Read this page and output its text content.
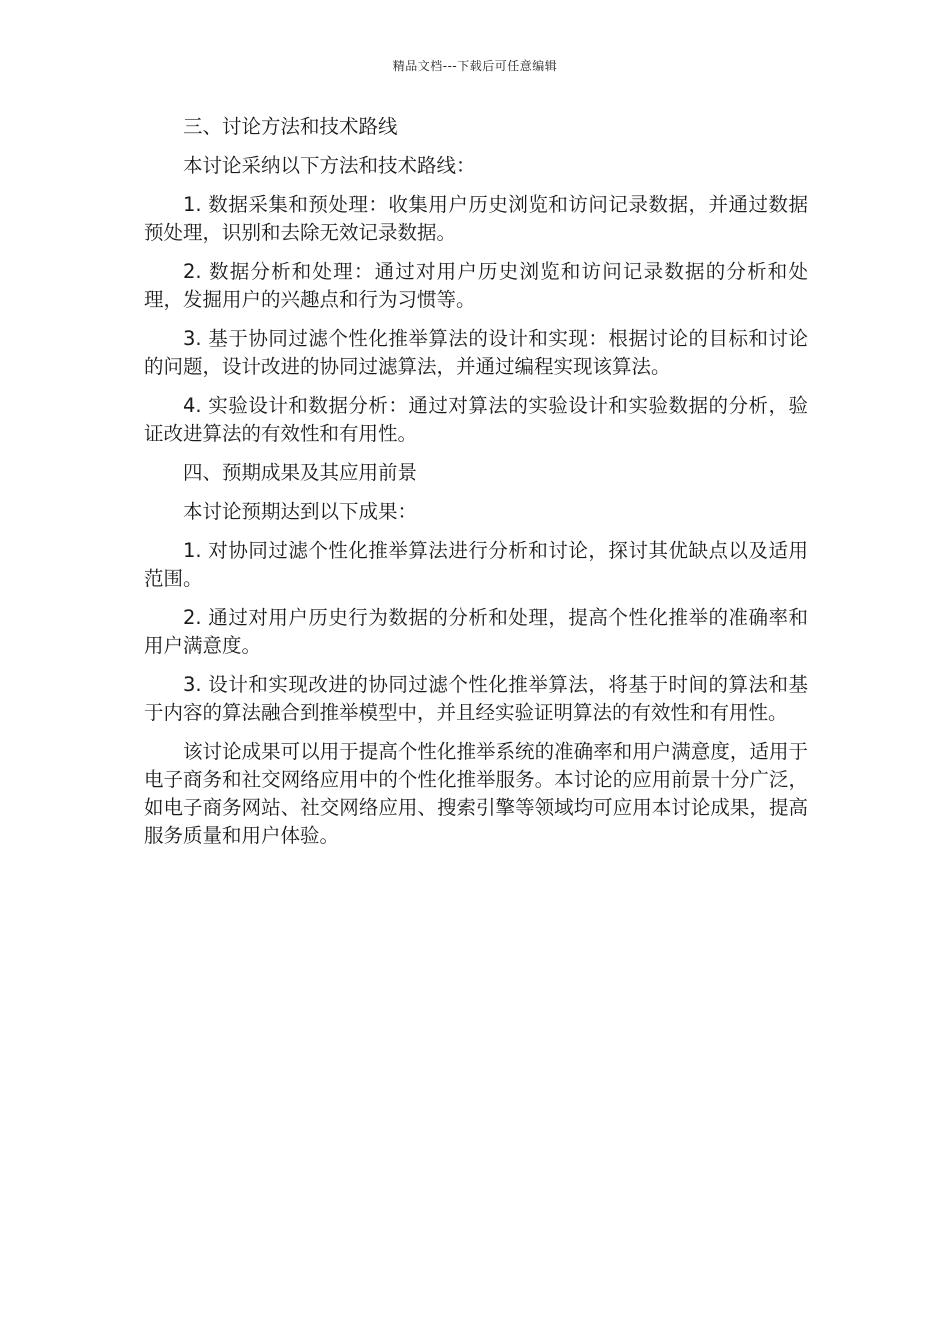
精品文档---下载后可任意编辑

三、讨论方法和技术路线

本讨论采纳以下方法和技术路线：

1. 数据采集和预处理：收集用户历史浏览和访问记录数据，并通过数据预处理，识别和去除无效记录数据。

2. 数据分析和处理：通过对用户历史浏览和访问记录数据的分析和处理，发掘用户的兴趣点和行为习惯等。

3. 基于协同过滤个性化推举算法的设计和实现：根据讨论的目标和讨论的问题，设计改进的协同过滤算法，并通过编程实现该算法。

4. 实验设计和数据分析：通过对算法的实验设计和实验数据的分析，验证改进算法的有效性和有用性。

四、预期成果及其应用前景

本讨论预期达到以下成果：

1. 对协同过滤个性化推举算法进行分析和讨论，探讨其优缺点以及适用范围。

2. 通过对用户历史行为数据的分析和处理，提高个性化推举的准确率和用户满意度。

3. 设计和实现改进的协同过滤个性化推举算法，将基于时间的算法和基于内容的算法融合到推举模型中，并且经实验证明算法的有效性和有用性。

该讨论成果可以用于提高个性化推举系统的准确率和用户满意度，适用于电子商务和社交网络应用中的个性化推举服务。本讨论的应用前景十分广泛，如电子商务网站、社交网络应用、搜索引擎等领域均可应用本讨论成果，提高服务质量和用户体验。
